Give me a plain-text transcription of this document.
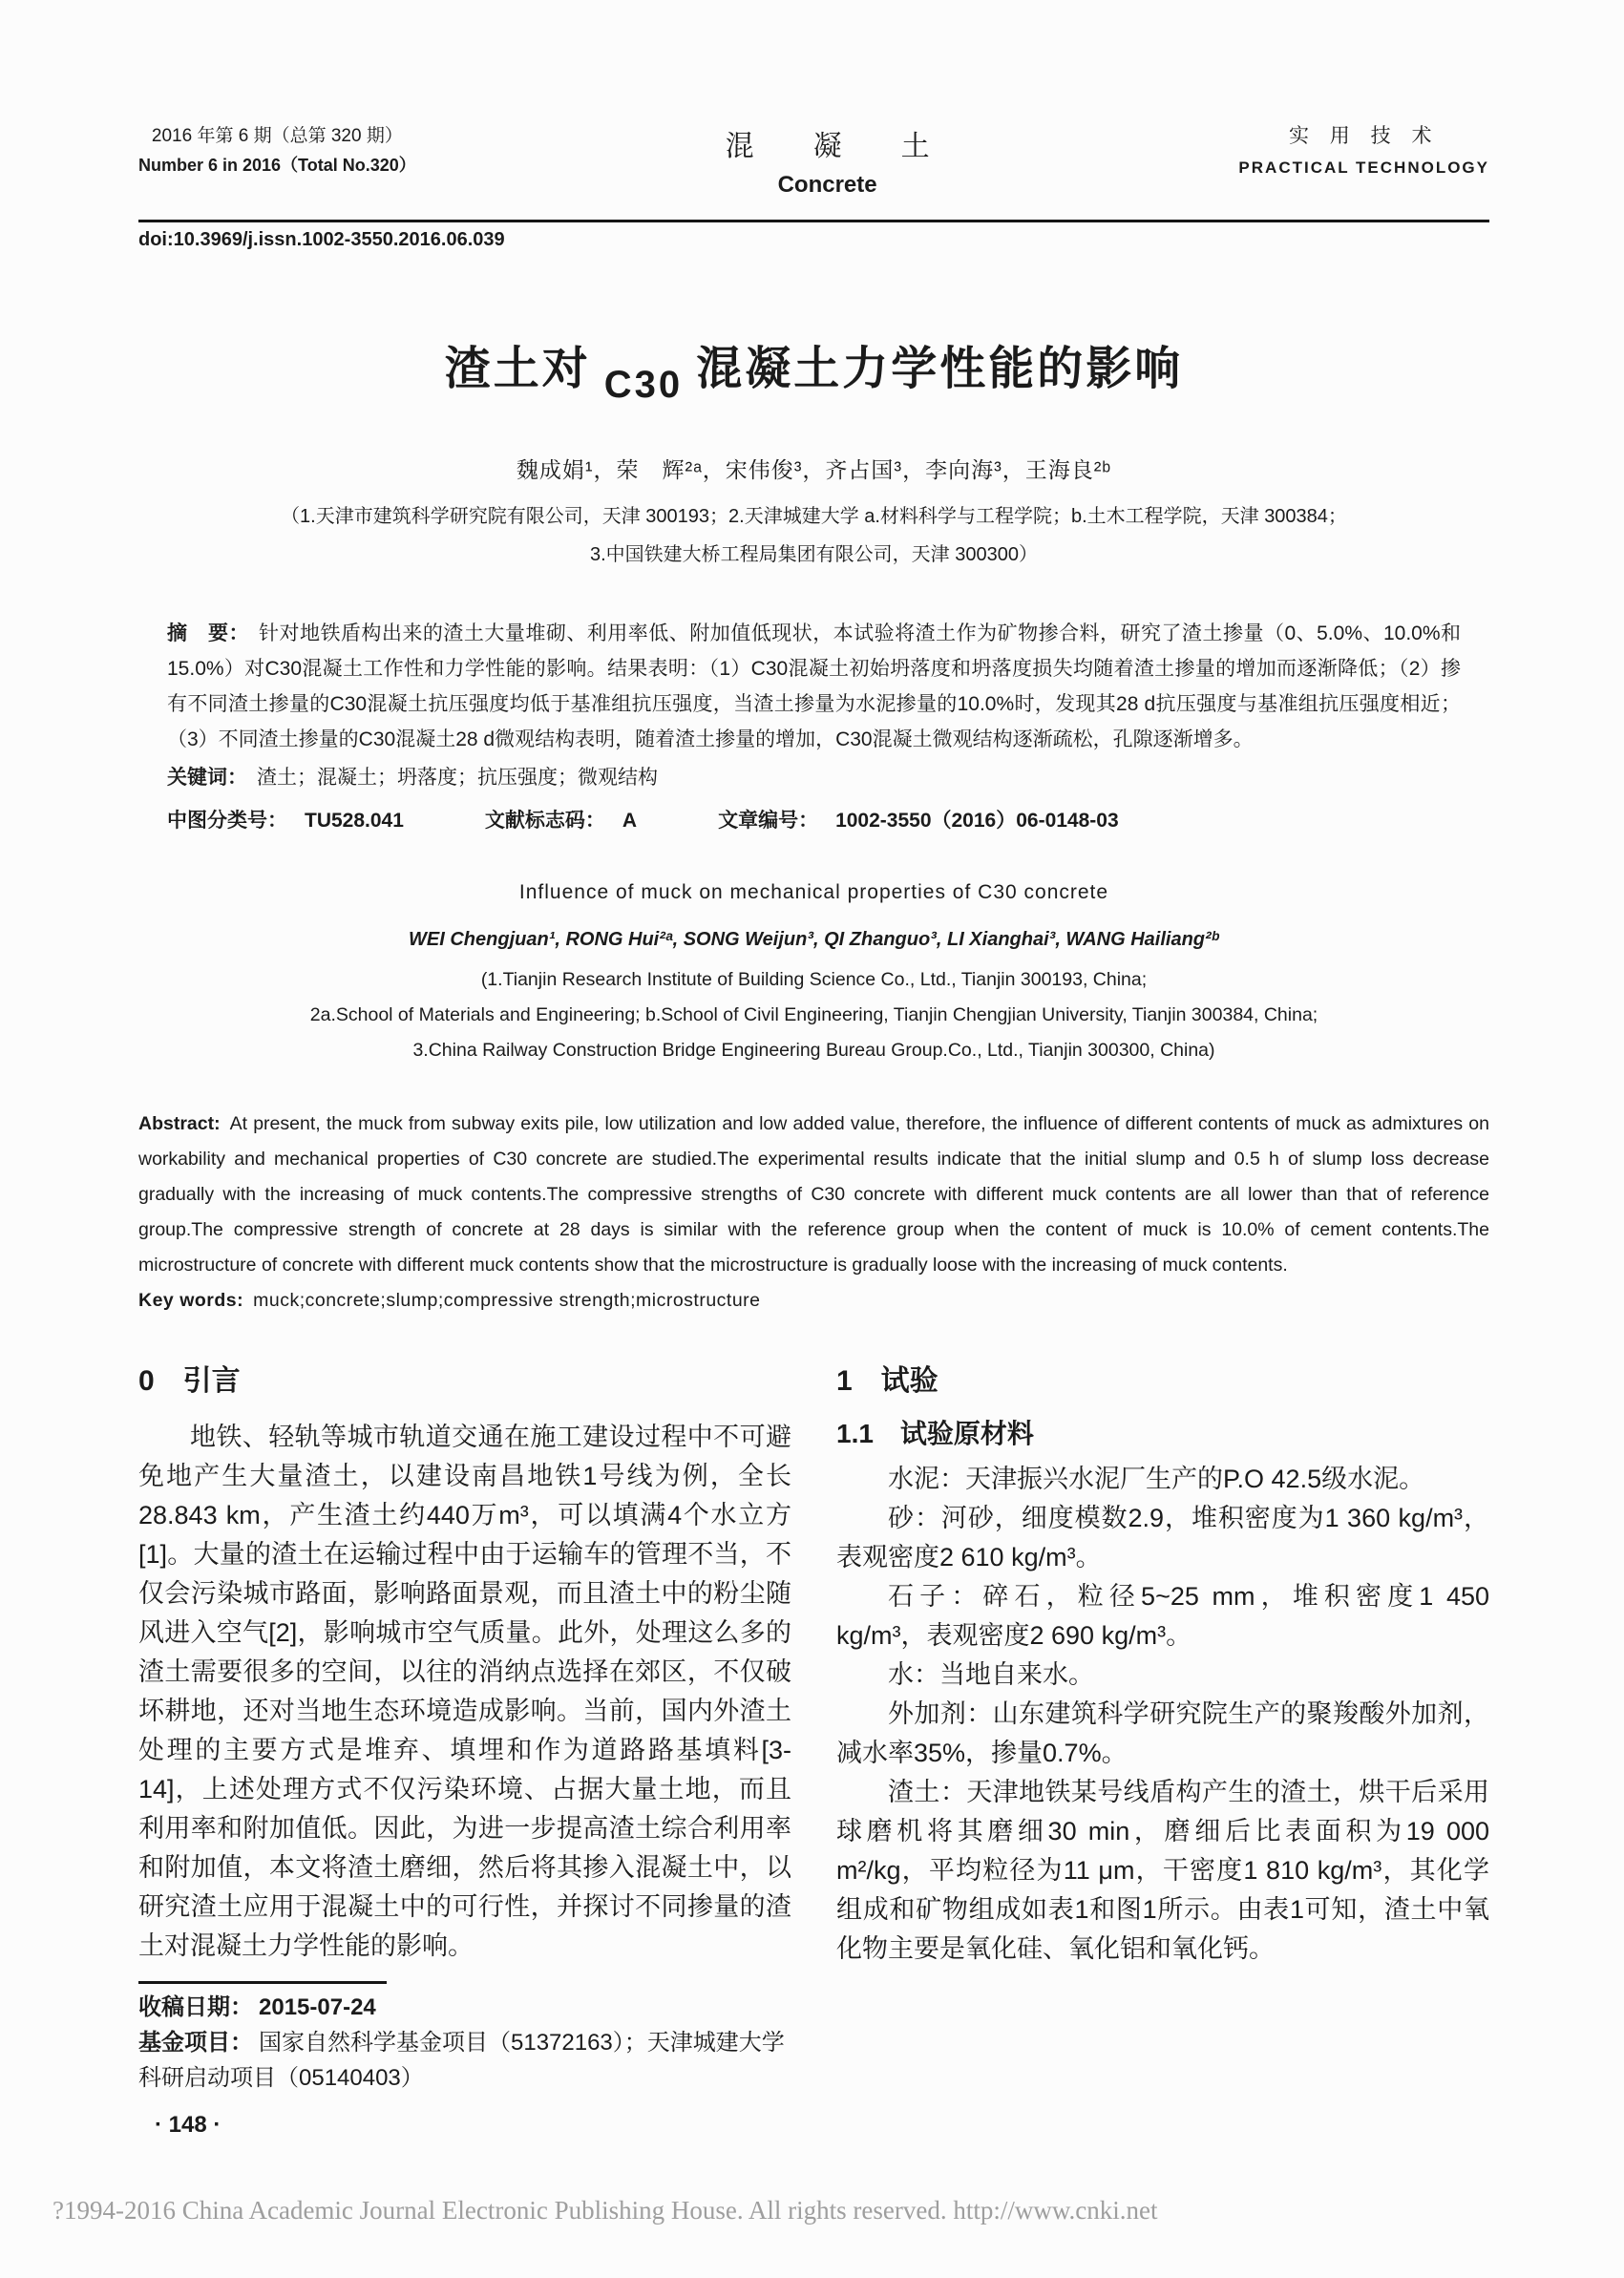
2016 年第 6 期（总第 320 期）
Number 6 in 2016（Total No.320）
混　凝　土
Concrete
实 用 技 术
PRACTICAL TECHNOLOGY
doi:10.3969/j.issn.1002-3550.2016.06.039
渣土对 $_{C30}$ 混凝土力学性能的影响
魏成娟¹，荣　辉²ᵃ，宋伟俊³，齐占国³，李向海³，王海良²ᵇ
（1.天津市建筑科学研究院有限公司，天津 300193；2.天津城建大学 a.材料科学与工程学院；b.土木工程学院，天津 300384；
3.中国铁建大桥工程局集团有限公司，天津 300300）

摘　要： 针对地铁盾构出来的渣土大量堆砌、利用率低、附加值低现状，本试验将渣土作为矿物掺合料，研究了渣土掺量（0、5.0%、10.0%和15.0%）对C30混凝土工作性和力学性能的影响。结果表明：（1）C30混凝土初始坍落度和坍落度损失均随着渣土掺量的增加而逐渐降低；（2）掺有不同渣土掺量的C30混凝土抗压强度均低于基准组抗压强度，当渣土掺量为水泥掺量的10.0%时，发现其28 d抗压强度与基准组抗压强度相近；（3）不同渣土掺量的C30混凝土28 d微观结构表明，随着渣土掺量的增加，C30混凝土微观结构逐渐疏松，孔隙逐渐增多。

关键词： 渣土；混凝土；坍落度；抗压强度；微观结构

中图分类号： TU528.041	文献标志码： A	文章编号： 1002-3550（2016）06-0148-03
Influence of muck on mechanical properties of C30 concrete
WEI Chengjuan¹, RONG Hui²ᵃ, SONG Weijun³, QI Zhanguo³, LI Xianghai³, WANG Hailiang²ᵇ
(1.Tianjin Research Institute of Building Science Co., Ltd., Tianjin 300193, China;
2a.School of Materials and Engineering; b.School of Civil Engineering, Tianjin Chengjian University, Tianjin 300384, China;
3.China Railway Construction Bridge Engineering Bureau Group.Co., Ltd., Tianjin 300300, China)

Abstract: At present, the muck from subway exits pile, low utilization and low added value, therefore, the influence of different contents of muck as admixtures on workability and mechanical properties of C30 concrete are studied.The experimental results indicate that the initial slump and 0.5 h of slump loss decrease gradually with the increasing of muck contents.The compressive strengths of C30 concrete with different muck contents are all lower than that of reference group.The compressive strength of concrete at 28 days is similar with the reference group when the content of muck is 10.0% of cement contents.The microstructure of concrete with different muck contents show that the microstructure is gradually loose with the increasing of muck contents.

Key words: muck;concrete;slump;compressive strength;microstructure

0　引言

地铁、轻轨等城市轨道交通在施工建设过程中不可避免地产生大量渣土，以建设南昌地铁1号线为例，全长28.843 km，产生渣土约440万m³，可以填满4个水立方[1]。大量的渣土在运输过程中由于运输车的管理不当，不仅会污染城市路面，影响路面景观，而且渣土中的粉尘随风进入空气[2]，影响城市空气质量。此外，处理这么多的渣土需要很多的空间，以往的消纳点选择在郊区，不仅破坏耕地，还对当地生态环境造成影响。当前，国内外渣土处理的主要方式是堆弃、填埋和作为道路路基填料[3-14]，上述处理方式不仅污染环境、占据大量土地，而且利用率和附加值低。因此，为进一步提高渣土综合利用率和附加值，本文将渣土磨细，然后将其掺入混凝土中，以研究渣土应用于混凝土中的可行性，并探讨不同掺量的渣土对混凝土力学性能的影响。

收稿日期： 2015-07-24
基金项目： 国家自然科学基金项目（51372163）；天津城建大学科研启动项目（05140403）
1　试验
1.1　试验原材料

水泥：天津振兴水泥厂生产的P.O 42.5级水泥。

砂：河砂，细度模数2.9，堆积密度为1 360 kg/m³，表观密度2 610 kg/m³。

石子：碎石，粒径5~25 mm，堆积密度1 450 kg/m³，表观密度2 690 kg/m³。

水：当地自来水。

外加剂：山东建筑科学研究院生产的聚羧酸外加剂，减水率35%，掺量0.7%。

渣土：天津地铁某号线盾构产生的渣土，烘干后采用球磨机将其磨细30 min，磨细后比表面积为19 000 m²/kg，平均粒径为11 μm，干密度1 810 kg/m³，其化学组成和矿物组成如表1和图1所示。由表1可知，渣土中氧化物主要是氧化硅、氧化铝和氧化钙。

· 148 ·
?1994-2016 China Academic Journal Electronic Publishing House. All rights reserved. http://www.cnki.net
